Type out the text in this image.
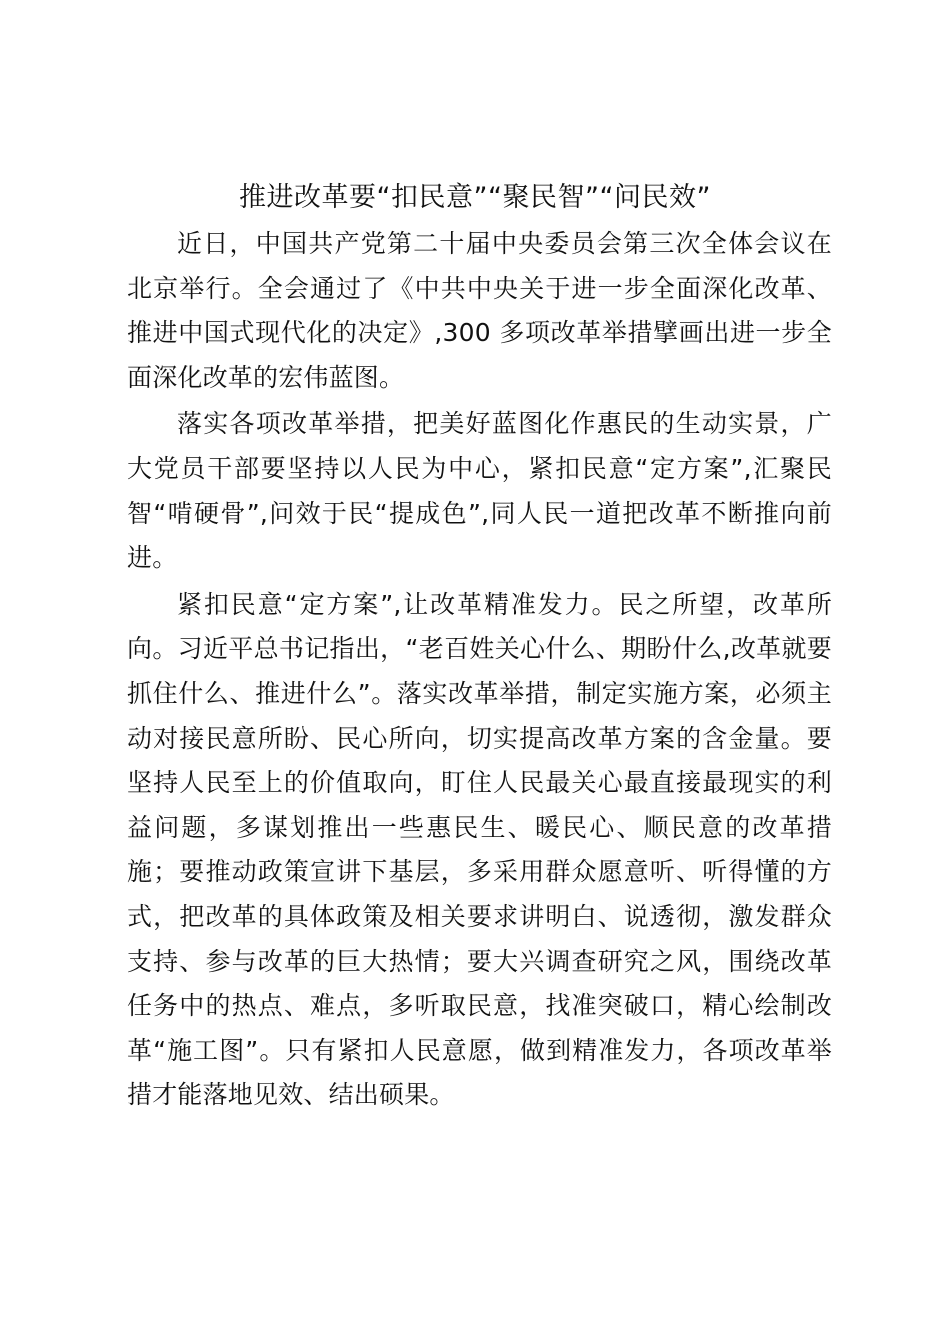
推进改革要“扣民意”“聚民智”“问民效”

近日，中国共产党第二十届中央委员会第三次全体会议在北京举行。全会通过了《中共中央关于进一步全面深化改革、推进中国式现代化的决定》,300 多项改革举措擘画出进一步全面深化改革的宏伟蓝图。

落实各项改革举措，把美好蓝图化作惠民的生动实景，广大党员干部要坚持以人民为中心，紧扣民意“定方案”,汇聚民智“啃硬骨”,问效于民“提成色”,同人民一道把改革不断推向前进。

紧扣民意“定方案”,让改革精准发力。民之所望，改革所向。习近平总书记指出，“老百姓关心什么、期盼什么,改革就要抓住什么、推进什么”。落实改革举措，制定实施方案，必须主动对接民意所盼、民心所向，切实提高改革方案的含金量。要坚持人民至上的价值取向，盯住人民最关心最直接最现实的利益问题，多谋划推出一些惠民生、暖民心、顺民意的改革措施；要推动政策宣讲下基层，多采用群众愿意听、听得懂的方式，把改革的具体政策及相关要求讲明白、说透彻，激发群众支持、参与改革的巨大热情；要大兴调查研究之风，围绕改革任务中的热点、难点，多听取民意，找准突破口，精心绘制改革“施工图”。只有紧扣人民意愿，做到精准发力，各项改革举措才能落地见效、结出硕果。
